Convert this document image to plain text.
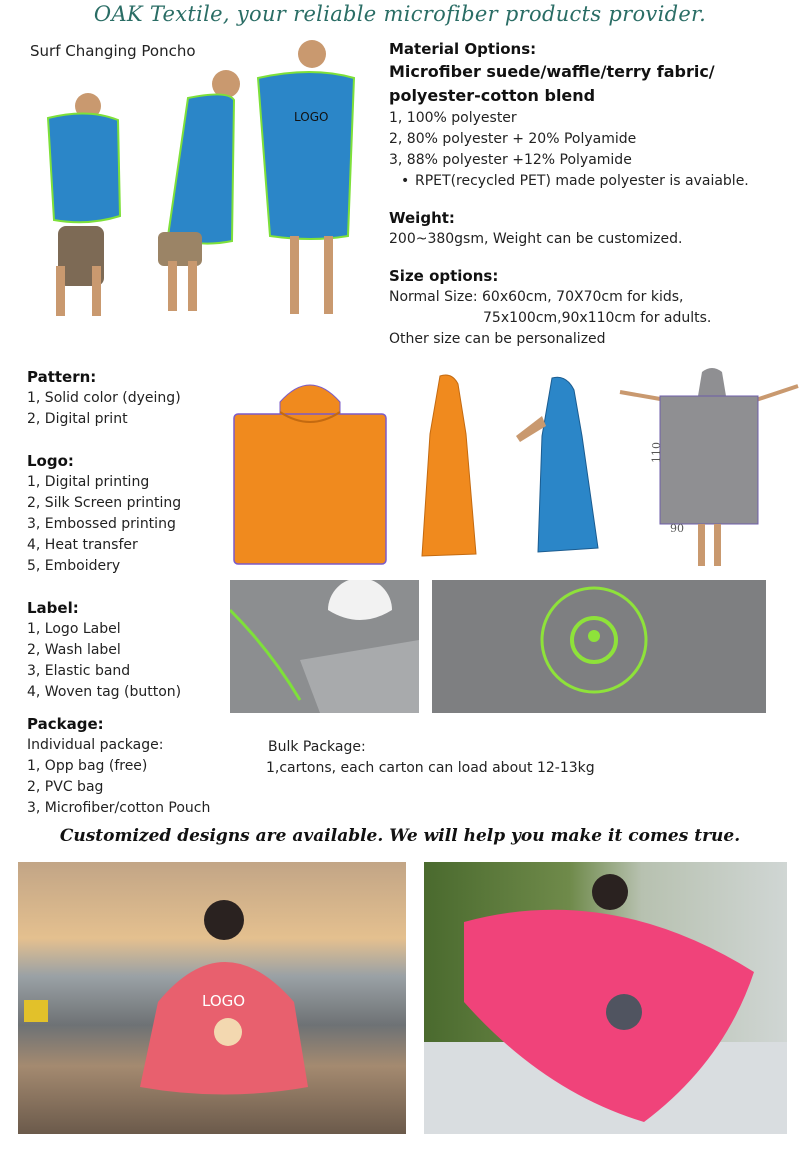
OAK Textile, your reliable microfiber products provider.
Surf Changing Poncho
LOGO

Material Options:

Microfiber suede/waffle/terry fabric/

polyester-cotton blend

1, 100% polyester

2, 80% polyester + 20% Polyamide

3, 88% polyester +12% Polyamide

• RPET(recycled PET) made polyester is avaiable.

Weight:

200~380gsm, Weight can be customized.

Size options:

Normal Size: 60x60cm, 70X70cm for kids,

75x100cm,90x110cm for adults.

Other size can be personalized

Pattern:

1, Solid color (dyeing)

2, Digital print

Logo:

1, Digital printing

2, Silk Screen printing

3, Embossed printing

4, Heat transfer

5, Emboidery

Label:

1, Logo Label

2, Wash label

3, Elastic band

4, Woven tag (button)

Package:

Individual package:

1, Opp bag (free)

2, PVC bag

3, Microfiber/cotton Pouch

Bulk Package:

1,cartons, each carton can load about 12-13kg

110
90
Customized designs are available. We will help you make it comes true.
LOGO
